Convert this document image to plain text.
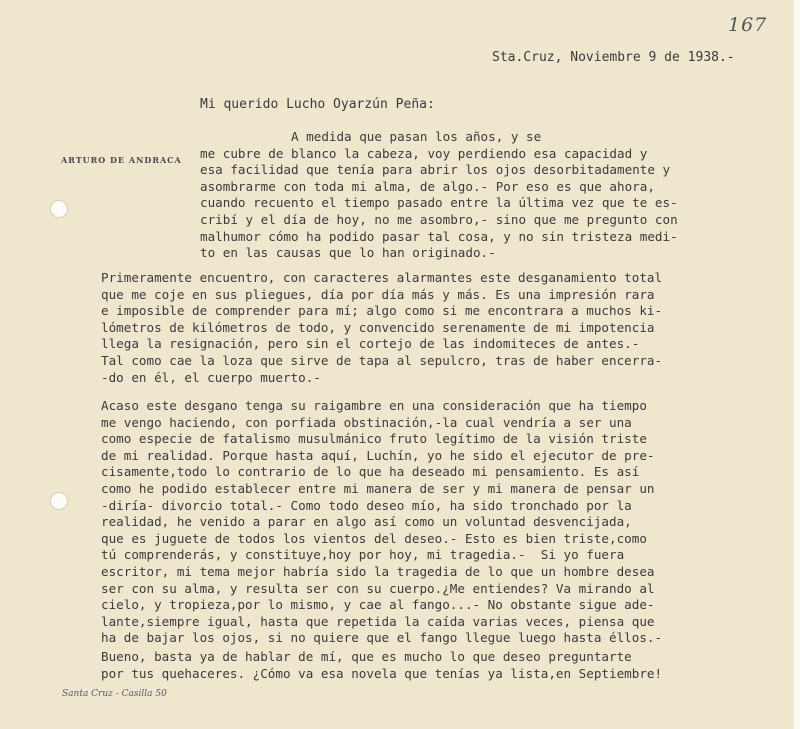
167
Sta.Cruz, Noviembre 9 de 1938.-
Mi querido Lucho Oyarzún Peña:
ARTURO DE ANDRACA
A medida que pasan los años, y se
me cubre de blanco la cabeza, voy perdiendo esa capacidad y
esa facilidad que tenía para abrir los ojos desorbitadamente y
asombrarme con toda mi alma, de algo.- Por eso es que ahora,
cuando recuento el tiempo pasado entre la última vez que te es-
cribí y el día de hoy, no me asombro,- sino que me pregunto con
malhumor cómo ha podido pasar tal cosa, y no sin tristeza medi-
to en las causas que lo han originado.-
Primeramente encuentro, con caracteres alarmantes este desganamiento total
que me coje en sus pliegues, día por día más y más. Es una impresión rara
e imposible de comprender para mí; algo como si me encontrara a muchos ki-
lómetros de kilómetros de todo, y convencido serenamente de mi impotencia
llega la resignación, pero sin el cortejo de las indomiteces de antes.-
Tal como cae la loza que sirve de tapa al sepulcro, tras de haber encerra-
-do en él, el cuerpo muerto.-
Acaso este desgano tenga su raigambre en una consideración que ha tiempo
me vengo haciendo, con porfiada obstinación,-la cual vendría a ser una
como especie de fatalismo musulmánico fruto legítimo de la visión triste
de mi realidad. Porque hasta aquí, Luchín, yo he sido el ejecutor de pre-
cisamente,todo lo contrario de lo que ha deseado mi pensamiento. Es así
como he podido establecer entre mi manera de ser y mi manera de pensar un
-diría- divorcio total.- Como todo deseo mío, ha sido tronchado por la
realidad, he venido a parar en algo así como un voluntad desvencijada,
que es juguete de todos los vientos del deseo.- Esto es bien triste,como
tú comprenderás, y constituye,hoy por hoy, mi tragedia.-  Si yo fuera
escritor, mi tema mejor habría sido la tragedia de lo que un hombre desea
ser con su alma, y resulta ser con su cuerpo.¿Me entiendes? Va mirando al
cielo, y tropieza,por lo mismo, y cae al fango...- No obstante sigue ade-
lante,siempre igual, hasta que repetida la caída varias veces, piensa que
ha de bajar los ojos, si no quiere que el fango llegue luego hasta éllos.-
Bueno, basta ya de hablar de mí, que es mucho lo que deseo preguntarte
por tus quehaceres. ¿Cómo va esa novela que tenías ya lista,en Septiembre!
Santa Cruz - Casilla 50
